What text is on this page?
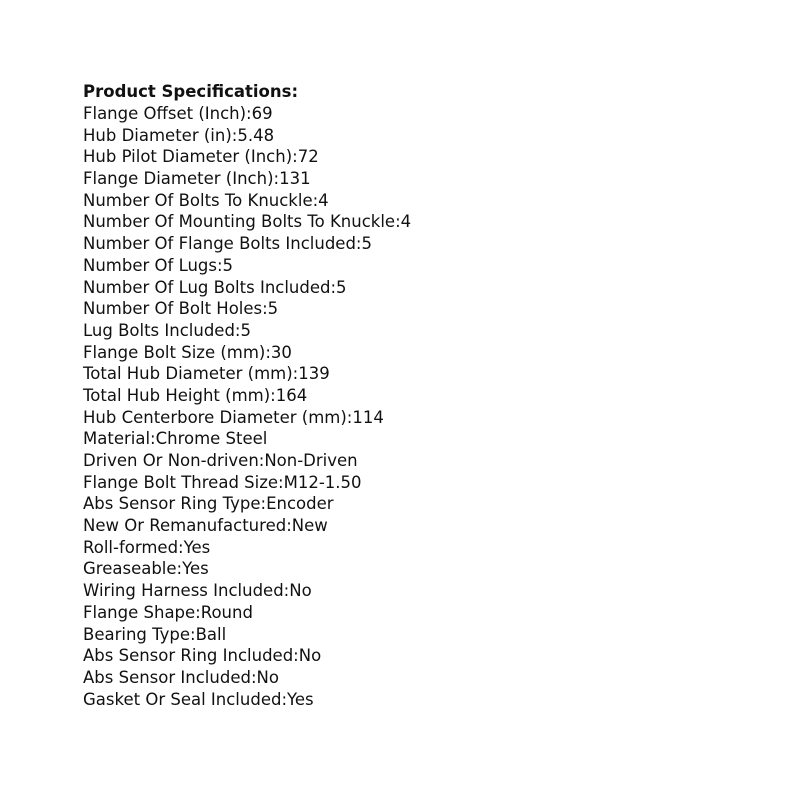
Product Specifications:
Flange Offset (Inch):69
Hub Diameter (in):5.48
Hub Pilot Diameter (Inch):72
Flange Diameter (Inch):131
Number Of Bolts To Knuckle:4
Number Of Mounting Bolts To Knuckle:4
Number Of Flange Bolts Included:5
Number Of Lugs:5
Number Of Lug Bolts Included:5
Number Of Bolt Holes:5
Lug Bolts Included:5
Flange Bolt Size (mm):30
Total Hub Diameter (mm):139
Total Hub Height (mm):164
Hub Centerbore Diameter (mm):114
Material:Chrome Steel
Driven Or Non-driven:Non-Driven
Flange Bolt Thread Size:M12-1.50
Abs Sensor Ring Type:Encoder
New Or Remanufactured:New
Roll-formed:Yes
Greaseable:Yes
Wiring Harness Included:No
Flange Shape:Round
Bearing Type:Ball
Abs Sensor Ring Included:No
Abs Sensor Included:No
Gasket Or Seal Included:Yes
